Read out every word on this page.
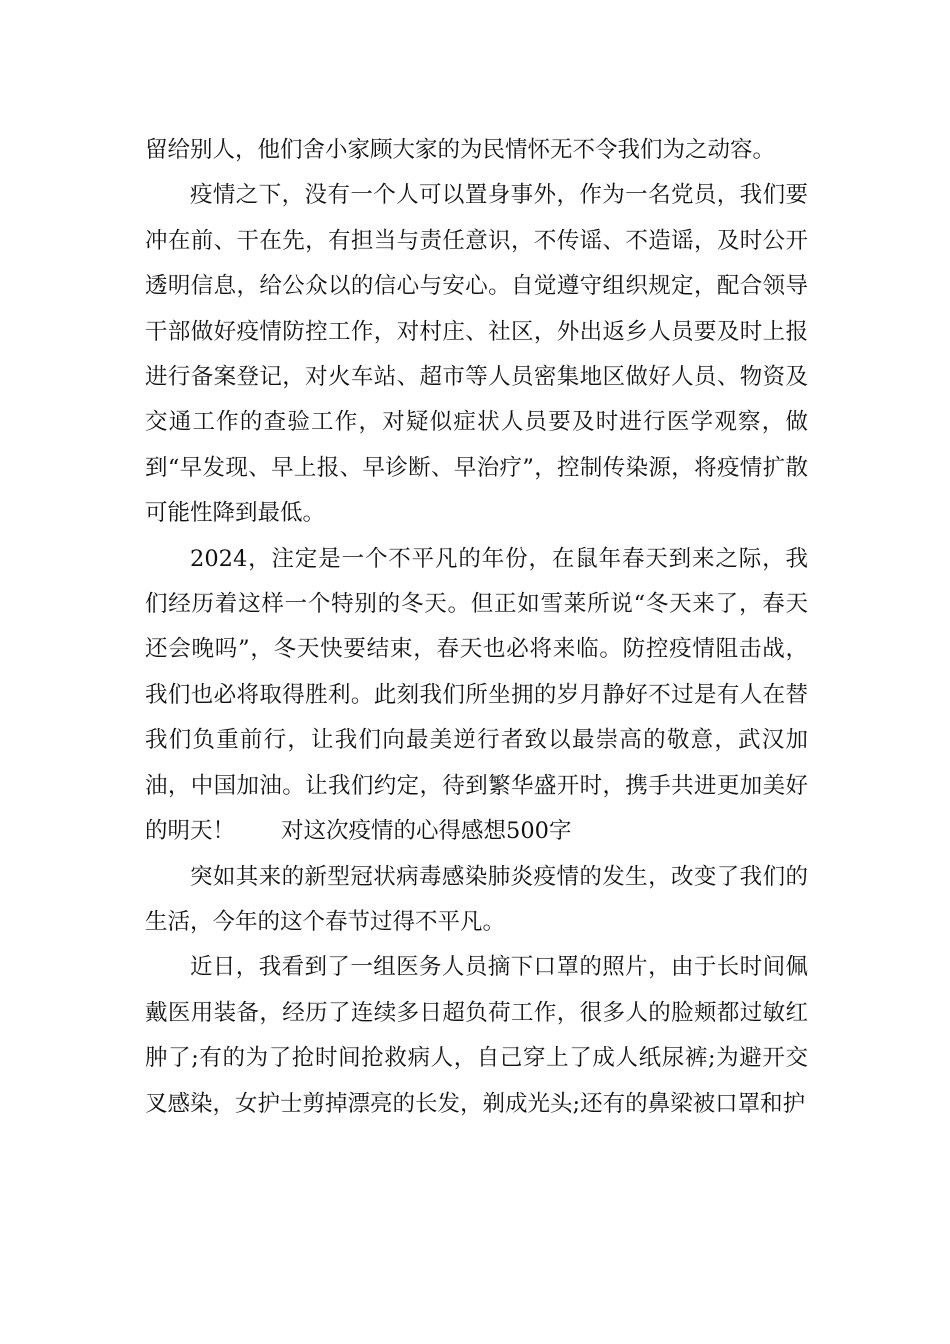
留给别人，他们舍小家顾大家的为民情怀无不令我们为之动容。

疫情之下，没有一个人可以置身事外，作为一名党员，我们要冲在前、干在先，有担当与责任意识，不传谣、不造谣，及时公开透明信息，给公众以的信心与安心。自觉遵守组织规定，配合领导干部做好疫情防控工作，对村庄、社区，外出返乡人员要及时上报进行备案登记，对火车站、超市等人员密集地区做好人员、物资及交通工作的查验工作，对疑似症状人员要及时进行医学观察，做到“早发现、早上报、早诊断、早治疗”，控制传染源，将疫情扩散可能性降到最低。

2024，注定是一个不平凡的年份，在鼠年春天到来之际，我们经历着这样一个特别的冬天。但正如雪莱所说“冬天来了，春天还会晚吗”，冬天快要结束，春天也必将来临。防控疫情阻击战，我们也必将取得胜利。此刻我们所坐拥的岁月静好不过是有人在替我们负重前行，让我们向最美逆行者致以最崇高的敬意，武汉加油，中国加油。让我们约定，待到繁华盛开时，携手共进更加美好的明天！ 对这次疫情的心得感想500字

突如其来的新型冠状病毒感染肺炎疫情的发生，改变了我们的生活，今年的这个春节过得不平凡。

近日，我看到了一组医务人员摘下口罩的照片，由于长时间佩戴医用装备，经历了连续多日超负荷工作，很多人的脸颊都过敏红肿了;有的为了抢时间抢救病人，自己穿上了成人纸尿裤;为避开交叉感染，女护士剪掉漂亮的长发，剃成光头;还有的鼻梁被口罩和护
